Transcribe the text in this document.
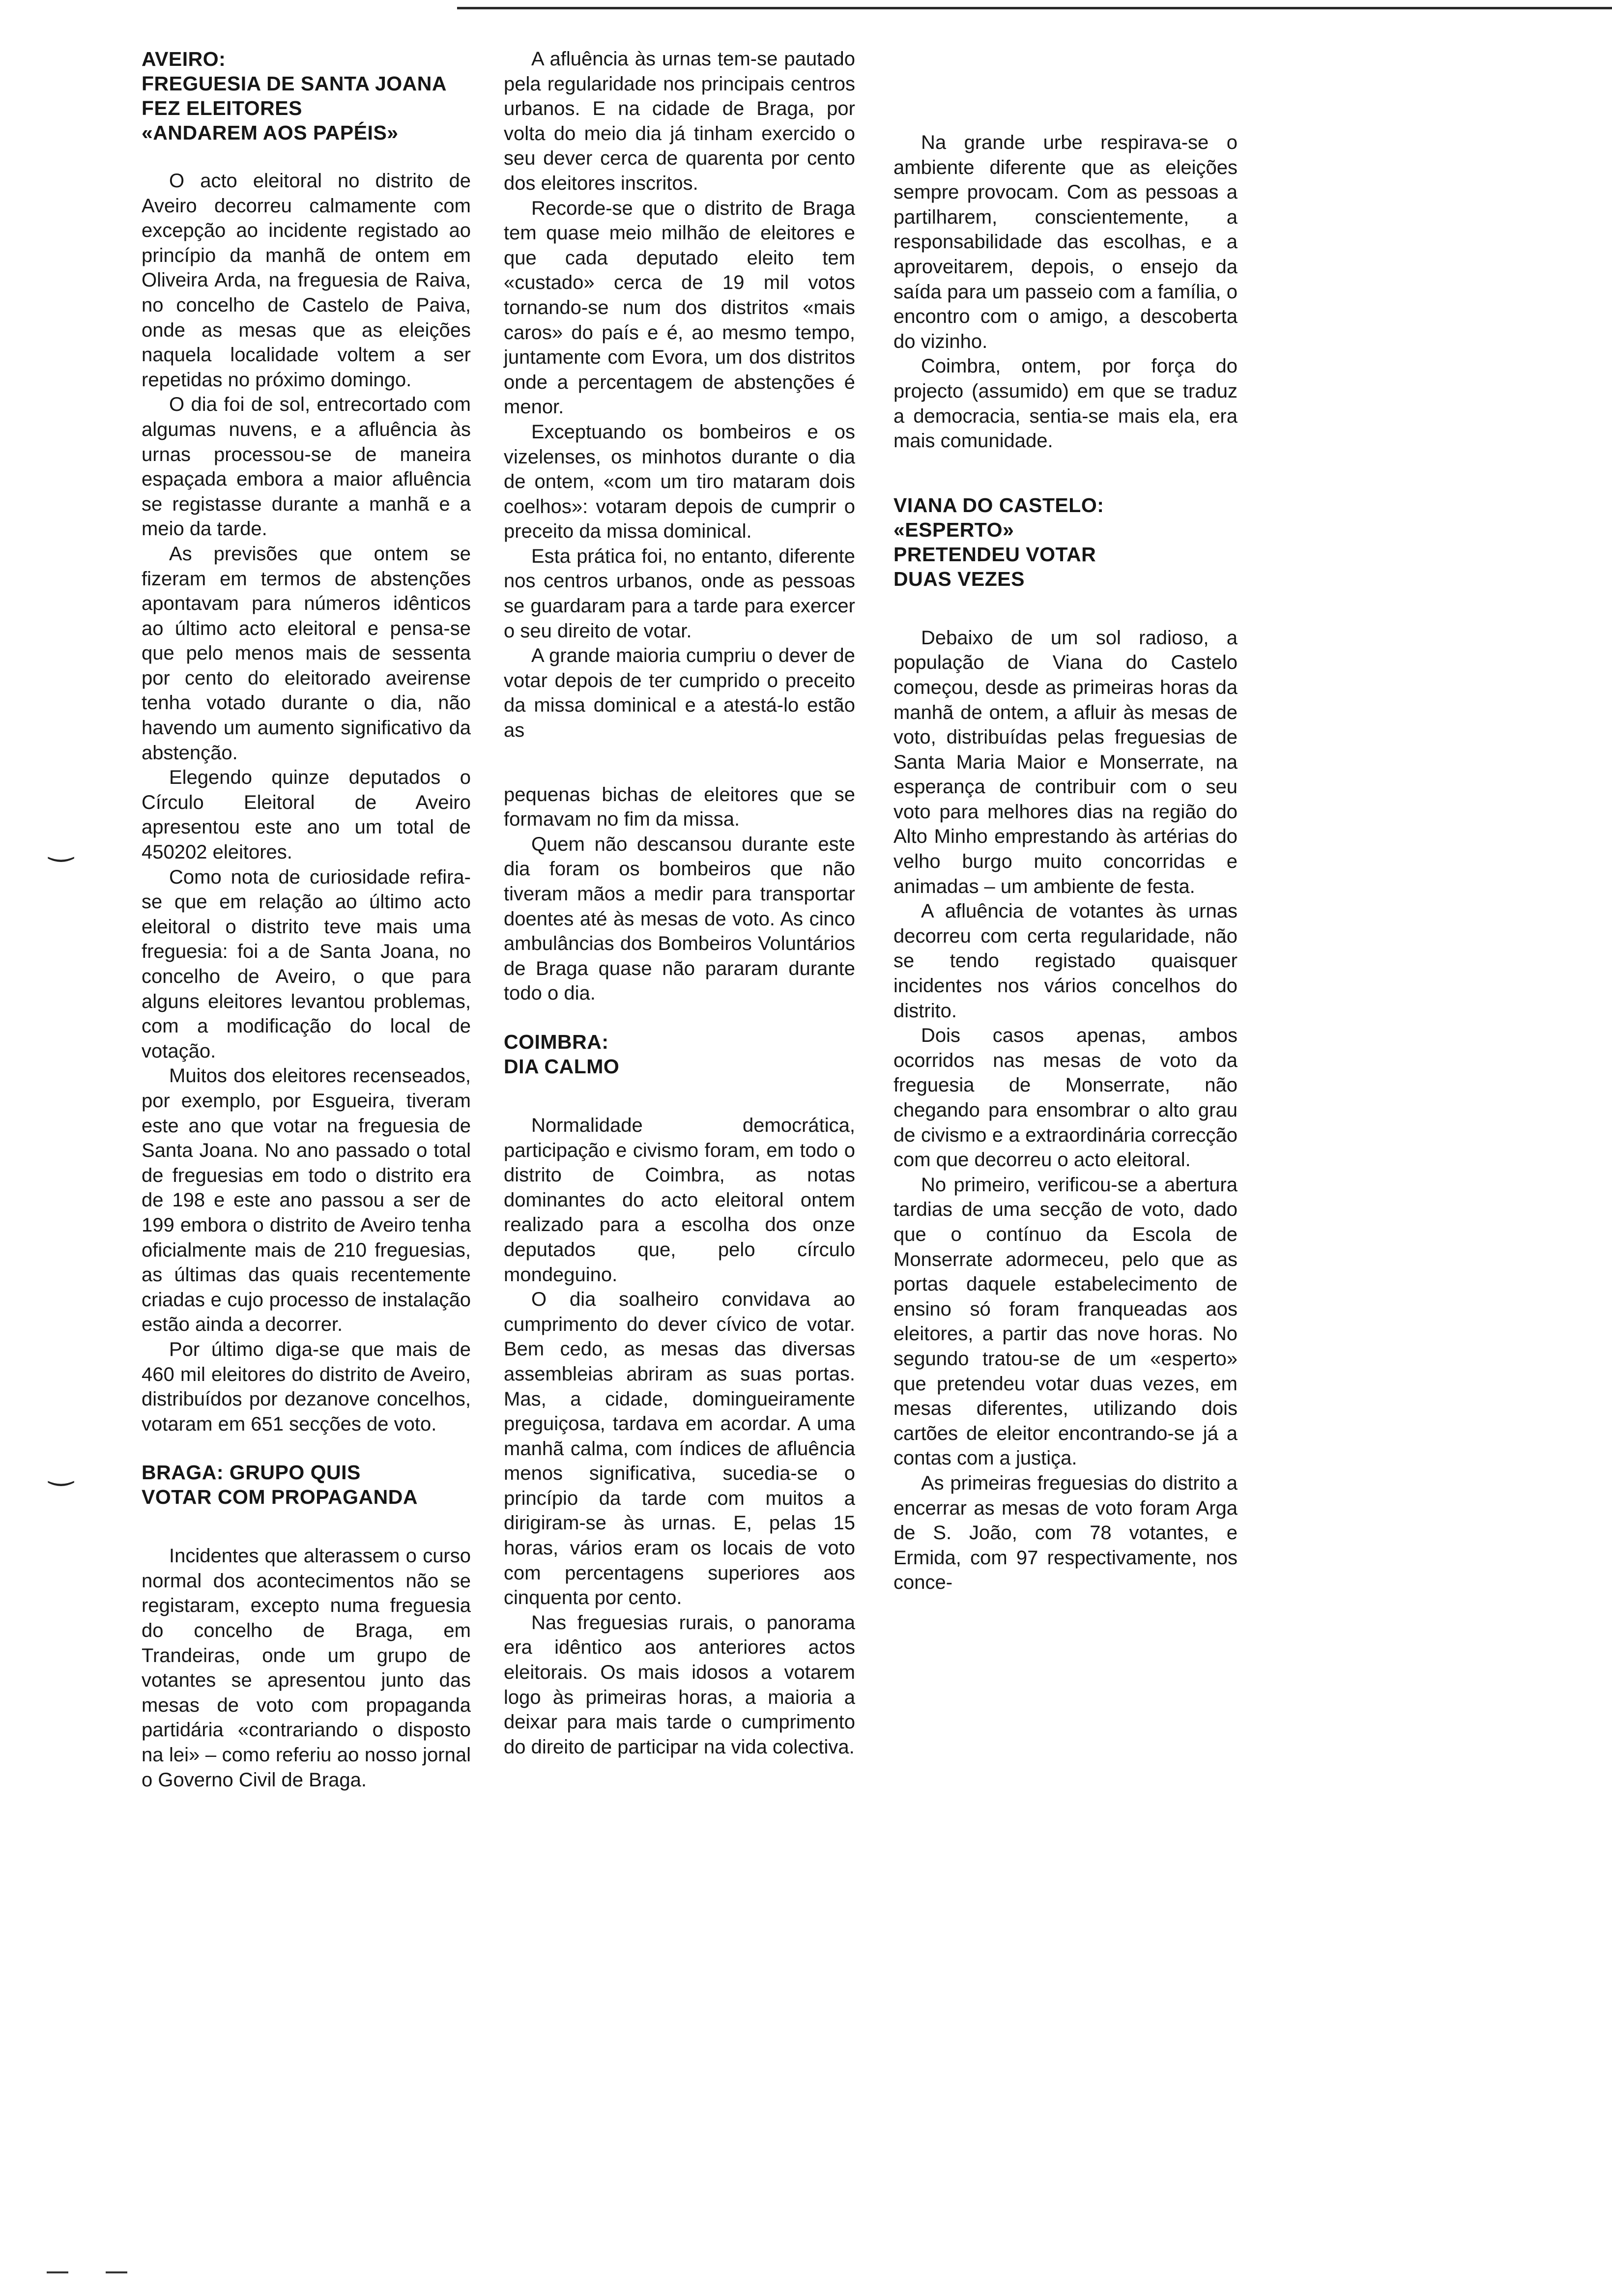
‿
‿
AVEIRO:
FREGUESIA DE SANTA JOANA
FEZ ELEITORES
«ANDAREM AOS PAPÉIS»

O acto eleitoral no distrito de Aveiro decorreu calmamente com excepção ao incidente registado ao princípio da manhã de ontem em Oliveira Arda, na freguesia de Raiva, no concelho de Castelo de Paiva, onde as mesas que as eleições naquela localidade voltem a ser repetidas no próximo domingo.

O dia foi de sol, entrecortado com algumas nuvens, e a afluência às urnas processou-se de maneira espaçada embora a maior afluência se registasse durante a manhã e a meio da tarde.

As previsões que ontem se fizeram em termos de abstenções apontavam para números idênticos ao último acto eleitoral e pensa-se que pelo menos mais de sessenta por cento do eleitorado aveirense tenha votado durante o dia, não havendo um aumento significativo da abstenção.

Elegendo quinze deputados o Círculo Eleitoral de Aveiro apresentou este ano um total de 450202 eleitores.

Como nota de curiosidade refira-se que em relação ao último acto eleitoral o distrito teve mais uma freguesia: foi a de Santa Joana, no concelho de Aveiro, o que para alguns eleitores levantou problemas, com a modificação do local de votação.

Muitos dos eleitores recenseados, por exemplo, por Esgueira, tiveram este ano que votar na freguesia de Santa Joana. No ano passado o total de freguesias em todo o distrito era de 198 e este ano passou a ser de 199 embora o distrito de Aveiro tenha oficialmente mais de 210 freguesias, as últimas das quais recentemente criadas e cujo processo de instalação estão ainda a decorrer.

Por último diga-se que mais de 460 mil eleitores do distrito de Aveiro, distribuídos por dezanove concelhos, votaram em 651 secções de voto.

BRAGA: GRUPO QUIS
VOTAR COM PROPAGANDA

Incidentes que alterassem o curso normal dos acontecimentos não se registaram, excepto numa freguesia do concelho de Braga, em Trandeiras, onde um grupo de votantes se apresentou junto das mesas de voto com propaganda partidária «contrariando o disposto na lei» – como referiu ao nosso jornal o Governo Civil de Braga.

A afluência às urnas tem-se pautado pela regularidade nos principais centros urbanos. E na cidade de Braga, por volta do meio dia já tinham exercido o seu dever cerca de quarenta por cento dos eleitores inscritos.

Recorde-se que o distrito de Braga tem quase meio milhão de eleitores e que cada deputado eleito tem «custado» cerca de 19 mil votos tornando-se num dos distritos «mais caros» do país e é, ao mesmo tempo, juntamente com Evora, um dos distritos onde a percentagem de abstenções é menor.

Exceptuando os bombeiros e os vizelenses, os minhotos durante o dia de ontem, «com um tiro mataram dois coelhos»: votaram depois de cumprir o preceito da missa dominical.

Esta prática foi, no entanto, diferente nos centros urbanos, onde as pessoas se guardaram para a tarde para exercer o seu direito de votar.

A grande maioria cumpriu o dever de votar depois de ter cumprido o preceito da missa dominical e a atestá-lo estão as

pequenas bichas de eleitores que se formavam no fim da missa.

Quem não descansou durante este dia foram os bombeiros que não tiveram mãos a medir para transportar doentes até às mesas de voto. As cinco ambulâncias dos Bombeiros Voluntários de Braga quase não pararam durante todo o dia.

COIMBRA:
DIA CALMO

Normalidade democrática, participação e civismo foram, em todo o distrito de Coimbra, as notas dominantes do acto eleitoral ontem realizado para a escolha dos onze deputados que, pelo círculo mondeguino.

O dia soalheiro convidava ao cumprimento do dever cívico de votar. Bem cedo, as mesas das diversas assembleias abriram as suas portas. Mas, a cidade, domingueiramente preguiçosa, tardava em acordar. A uma manhã calma, com índices de afluência menos significativa, sucedia-se o princípio da tarde com muitos a dirigiram-se às urnas. E, pelas 15 horas, vários eram os locais de voto com percentagens superiores aos cinquenta por cento.

Nas freguesias rurais, o panorama era idêntico aos anteriores actos eleitorais. Os mais idosos a votarem logo às primeiras horas, a maioria a deixar para mais tarde o cumprimento do direito de participar na vida colectiva.

Na grande urbe respirava-se o ambiente diferente que as eleições sempre provocam. Com as pessoas a partilharem, conscientemente, a responsabilidade das escolhas, e a aproveitarem, depois, o ensejo da saída para um passeio com a família, o encontro com o amigo, a descoberta do vizinho.

Coimbra, ontem, por força do projecto (assumido) em que se traduz a democracia, sentia-se mais ela, era mais comunidade.

VIANA DO CASTELO:
«ESPERTO»
PRETENDEU VOTAR
DUAS VEZES

Debaixo de um sol radioso, a população de Viana do Castelo começou, desde as primeiras horas da manhã de ontem, a afluir às mesas de voto, distribuídas pelas freguesias de Santa Maria Maior e Monserrate, na esperança de contribuir com o seu voto para melhores dias na região do Alto Minho emprestando às artérias do velho burgo muito concorridas e animadas – um ambiente de festa.

A afluência de votantes às urnas decorreu com certa regularidade, não se tendo registado quaisquer incidentes nos vários concelhos do distrito.

Dois casos apenas, ambos ocorridos nas mesas de voto da freguesia de Monserrate, não chegando para ensombrar o alto grau de civismo e a extraordinária correcção com que decorreu o acto eleitoral.

No primeiro, verificou-se a abertura tardias de uma secção de voto, dado que o contínuo da Escola de Monserrate adormeceu, pelo que as portas daquele estabelecimento de ensino só foram franqueadas aos eleitores, a partir das nove horas. No segundo tratou-se de um «esperto» que pretendeu votar duas vezes, em mesas diferentes, utilizando dois cartões de eleitor encontrando-se já a contas com a justiça.

As primeiras freguesias do distrito a encerrar as mesas de voto foram Arga de S. João, com 78 votantes, e Ermida, com 97 respectivamente, nos conce-
